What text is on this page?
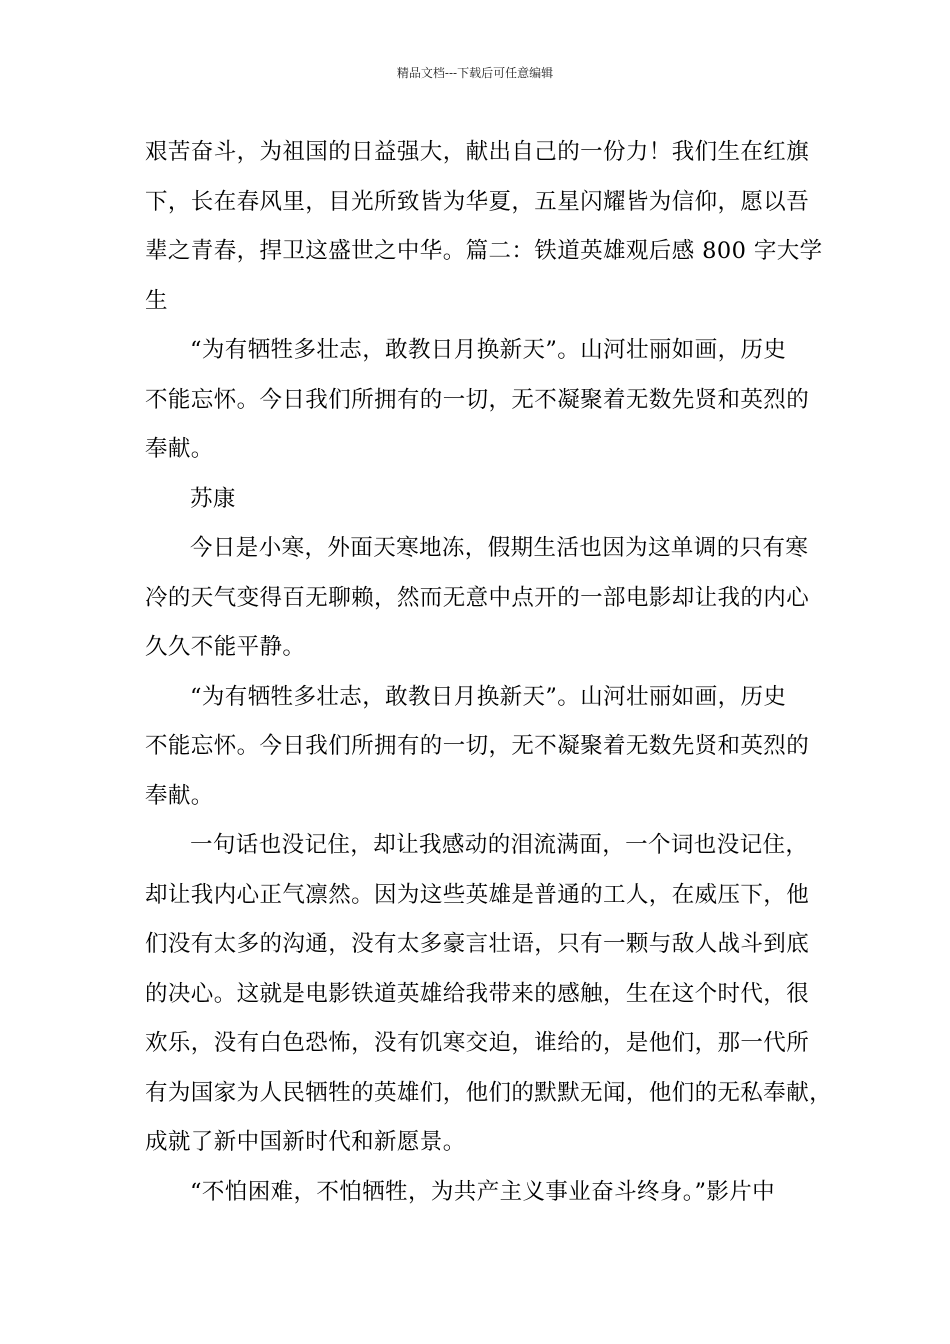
精品文档---下载后可任意编辑
艰苦奋斗，为祖国的日益强大，献出自己的一份力！我们生在红旗
下，长在春风里，目光所致皆为华夏，五星闪耀皆为信仰，愿以吾
辈之青春，捍卫这盛世之中华。篇二：铁道英雄观后感 800 字大学
生
“为有牺牲多壮志，敢教日月换新天”。山河壮丽如画，历史
不能忘怀。今日我们所拥有的一切，无不凝聚着无数先贤和英烈的
奉献。
苏康
今日是小寒，外面天寒地冻，假期生活也因为这单调的只有寒
冷的天气变得百无聊赖，然而无意中点开的一部电影却让我的内心
久久不能平静。
“为有牺牲多壮志，敢教日月换新天”。山河壮丽如画，历史
不能忘怀。今日我们所拥有的一切，无不凝聚着无数先贤和英烈的
奉献。
一句话也没记住，却让我感动的泪流满面，一个词也没记住，
却让我内心正气凛然。因为这些英雄是普通的工人，在威压下，他
们没有太多的沟通，没有太多豪言壮语，只有一颗与敌人战斗到底
的决心。这就是电影铁道英雄给我带来的感触，生在这个时代，很
欢乐，没有白色恐怖，没有饥寒交迫，谁给的，是他们，那一代所
有为国家为人民牺牲的英雄们，他们的默默无闻，他们的无私奉献，
成就了新中国新时代和新愿景。
“不怕困难，不怕牺牲，为共产主义事业奋斗终身。”影片中
